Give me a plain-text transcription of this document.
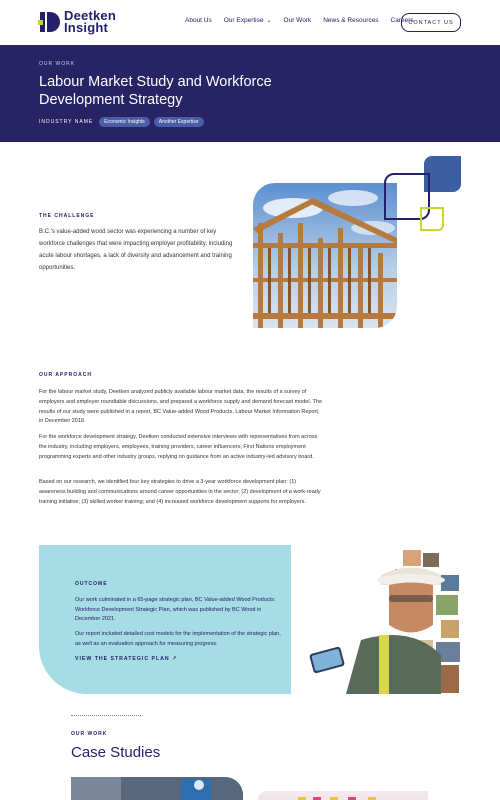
Deetken
Insight	About Us Our Expertise ⌄ Our Work News & Resources Careers
CONTACT US
OUR WORK
Labour Market Study and Workforce Development Strategy
INDUSTRY NAME	Economic Insights	Another Expertise
THE CHALLENGE
B.C.'s value-added wood sector was experiencing a number of key workforce challenges that were impacting employer profitability, including acute labour shortages, a lack of diversity and advancement and training opportunities.
OUR APPROACH
For the labour market study, Deetken analyzed publicly available labour market data, the results of a survey of employers and employer roundtable discussions, and prepared a workforce supply and demand forecast model. The results of our study were published in a report, BC Value-added Wood Products, Labour Market Information Report, in December 2018.
For the workforce development strategy, Deetken conducted extensive interviews with representatives from across the industry, including employers, employees, training providers, career influencers, First Nations employment programming experts and other industry groups, replying on guidance from an active industry-led advisory board.
Based on our research, we identified four key strategies to drive a 3-year workforce development plan: (1) awareness building and communications around career opportunities in the sector; (2) development of a work-ready training initiative; (3) skilled worker training; and (4) increased workforce development supports for employers.
OUTCOME
Our work culminated in a 65-page strategic plan, BC Value-added Wood Products: Workforce Development Strategic Plan, which was published by BC Wood in December 2021.
Our report included detailed cost models for the implementation of the strategic plan, as well as an evaluation approach for measuring progress.
VIEW THE STRATEGIC PLAN ↗
OUR WORK
Case Studies
